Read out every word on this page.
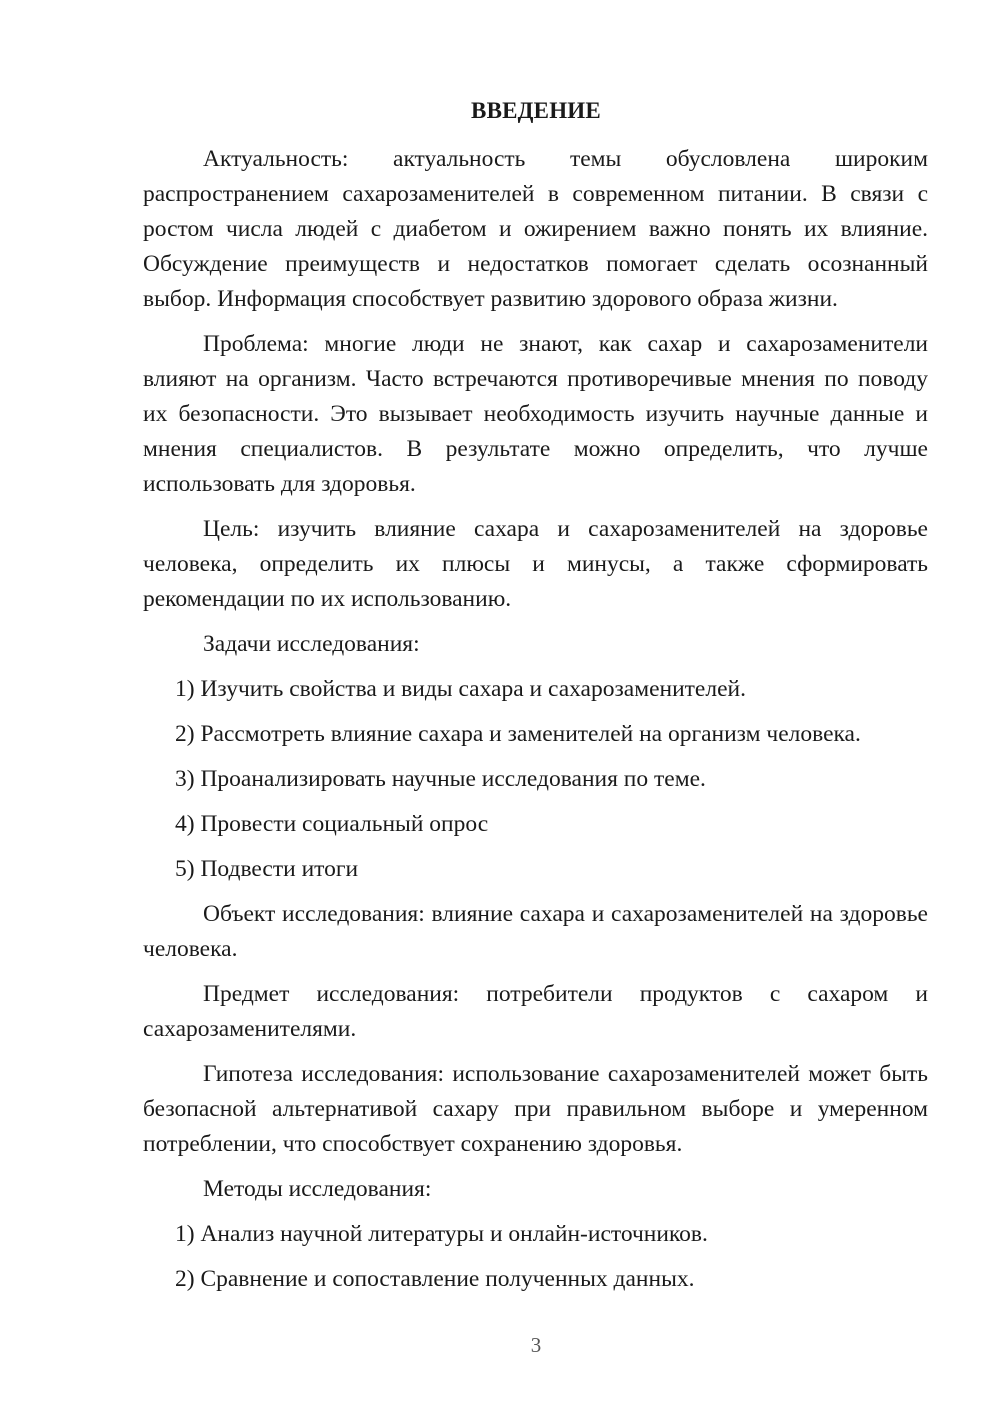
ВВЕДЕНИЕ

Актуальность: актуальность темы обусловлена широким распространением сахарозаменителей в современном питании. В связи с ростом числа людей с диабетом и ожирением важно понять их влияние. Обсуждение преимуществ и недостатков помогает сделать осознанный выбор. Информация способствует развитию здорового образа жизни.

Проблема: многие люди не знают, как сахар и сахарозаменители влияют на организм. Часто встречаются противоречивые мнения по поводу их безопасности. Это вызывает необходимость изучить научные данные и мнения специалистов. В результате можно определить, что лучше использовать для здоровья.

Цель: изучить влияние сахара и сахарозаменителей на здоровье человека, определить их плюсы и минусы, а также сформировать рекомендации по их использованию.

Задачи исследования:

1) Изучить свойства и виды сахара и сахарозаменителей.
2) Рассмотреть влияние сахара и заменителей на организм человека.
3) Проанализировать научные исследования по теме.
4) Провести социальный опрос
5) Подвести итоги

Объект исследования: влияние сахара и сахарозаменителей на здоровье человека.

Предмет исследования: потребители продуктов с сахаром и сахарозаменителями.

Гипотеза исследования: использование сахарозаменителей может быть безопасной альтернативой сахару при правильном выборе и умеренном потреблении, что способствует сохранению здоровья.

Методы исследования:

1) Анализ научной литературы и онлайн-источников.
2) Сравнение и сопоставление полученных данных.
3
